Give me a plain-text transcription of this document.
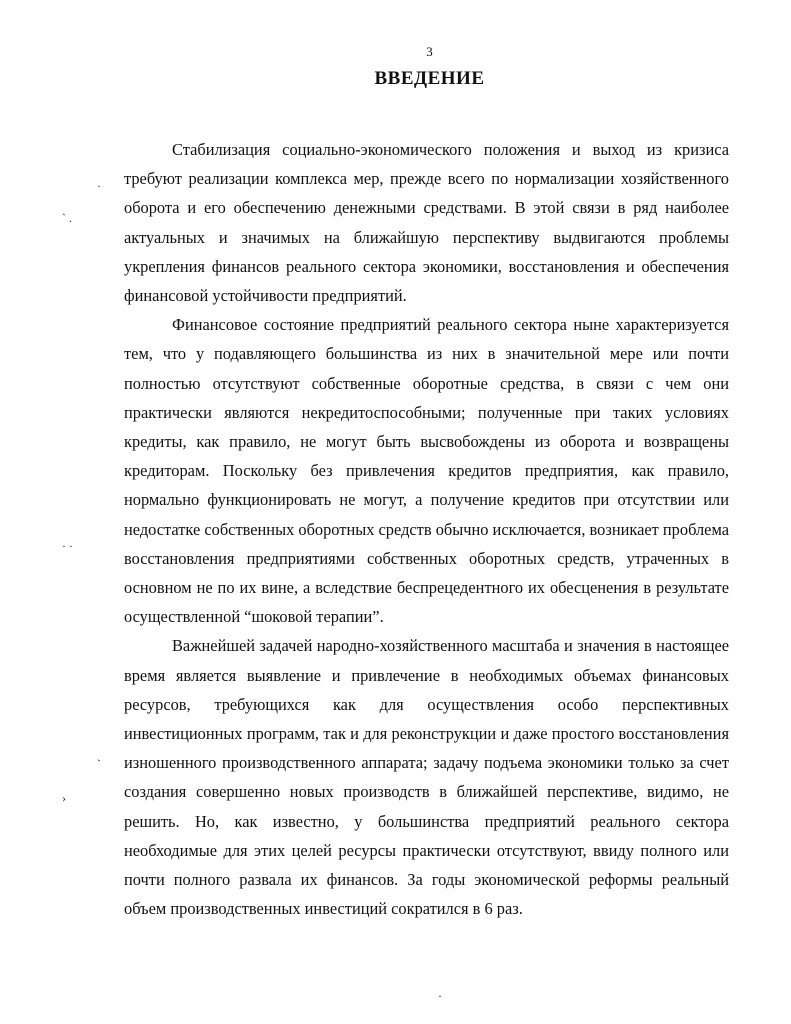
3
ВВЕДЕНИЕ

Стабилизация социально-экономического положения и выход из кризиса требуют реализации комплекса мер, прежде всего по нормализации хозяйственного оборота и его обеспечению денежными средствами. В этой связи в ряд наиболее актуальных и значимых на ближайшую перспективу выдвигаются проблемы укрепления финансов реального сектора экономики, восстановления и обеспечения финансовой устойчивости предприятий.

Финансовое состояние предприятий реального сектора ныне характеризуется тем, что у подавляющего большинства из них в значительной мере или почти полностью отсутствуют собственные оборотные средства, в связи с чем они практически являются некредитоспособными; полученные при таких условиях кредиты, как правило, не могут быть высвобождены из оборота и возвращены кредиторам. Поскольку без привлечения кредитов предприятия, как правило, нормально функционировать не могут, а получение кредитов при отсутствии или недостатке собственных оборотных средств обычно исключается, возникает проблема восстановления предприятиями собственных оборотных средств, утраченных в основном не по их вине, а вследствие беспрецедентного их обесценения в результате осуществленной “шоковой терапии”.

Важнейшей задачей народно-хозяйственного масштаба и значения в настоящее время является выявление и привлечение в необходимых объемах финансовых ресурсов, требующихся как для осуществления особо перспективных инвестиционных программ, так и для реконструкции и даже простого восстановления изношенного производственного аппарата; задачу подъема экономики только за счет создания совершенно новых производств в ближайшей перспективе, видимо, не решить. Но, как известно, у большинства предприятий реального сектора необходимые для этих целей ресурсы практически отсутствуют, ввиду полного или почти полного развала их финансов. За годы экономической реформы реальный объем производственных инвестиций сократился в 6 раз.

·
` .
· ·
`
›
·
